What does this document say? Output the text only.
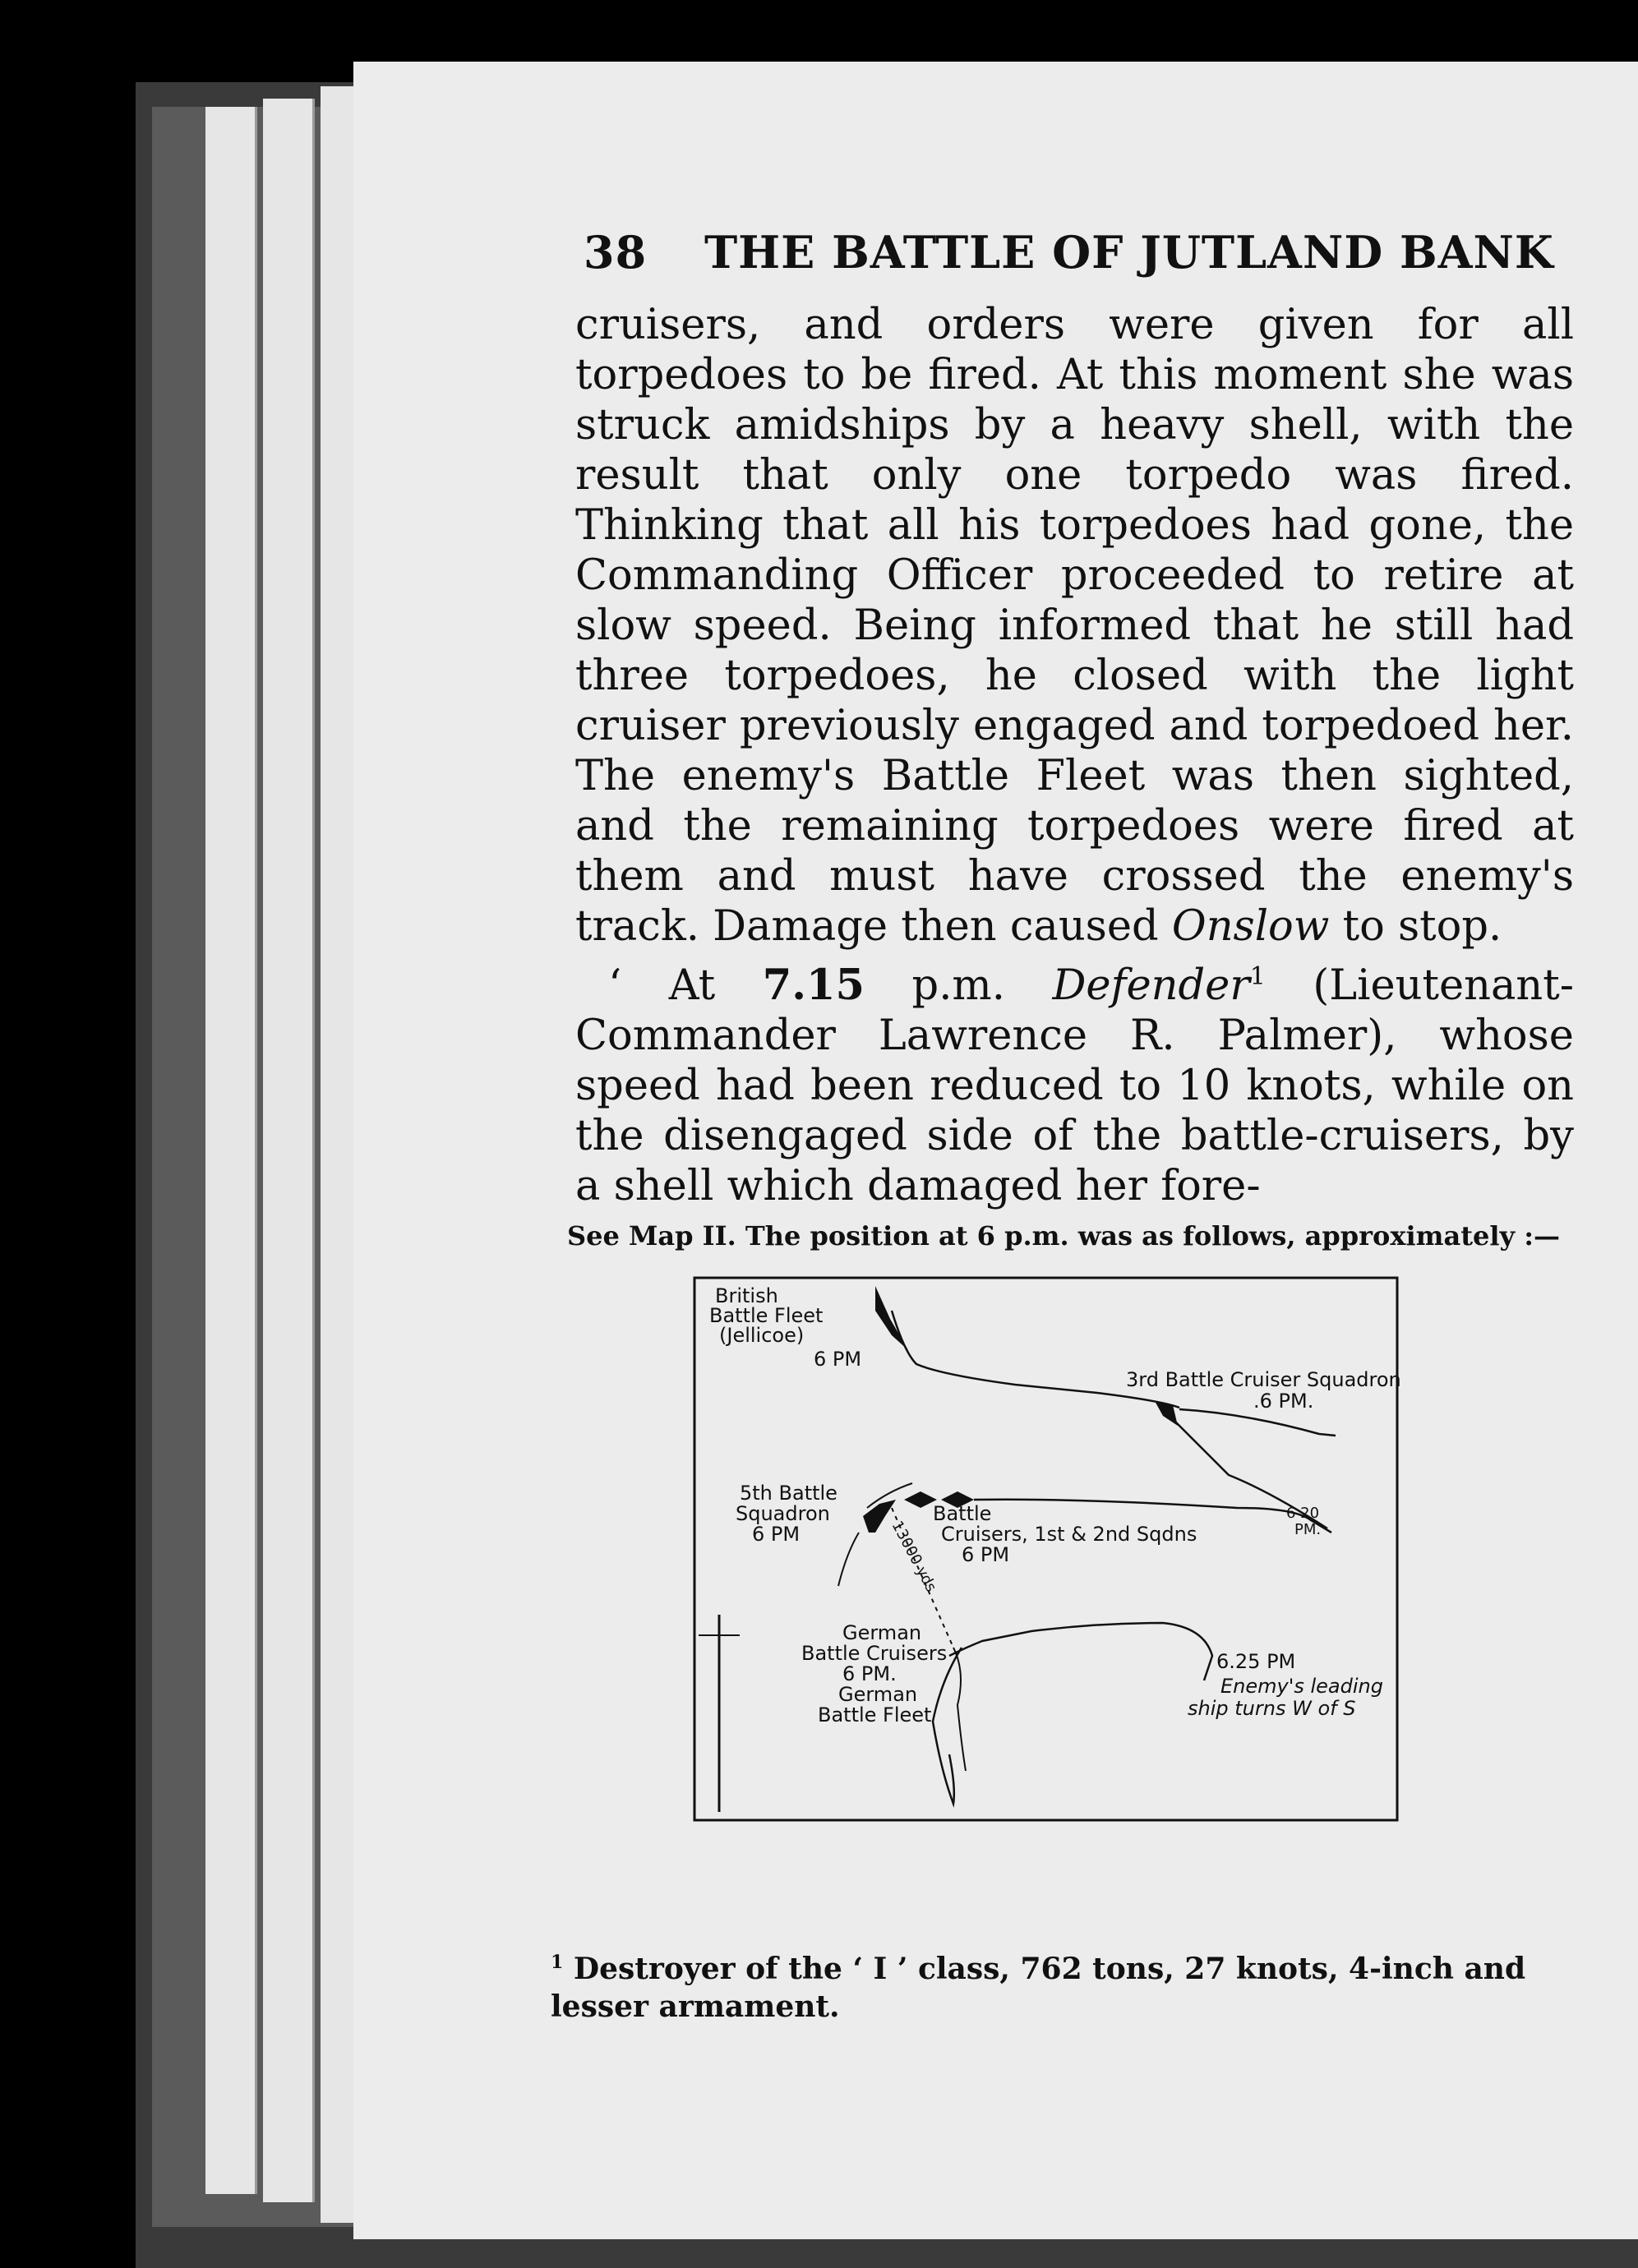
38 THE BATTLE OF JUTLAND BANK

cruisers, and orders were given for all torpedoes to be fired. At this moment she was struck amidships by a heavy shell, with the result that only one torpedo was fired. Thinking that all his torpedoes had gone, the Commanding Officer proceeded to retire at slow speed. Being informed that he still had three torpedoes, he closed with the light cruiser previously engaged and torpedoed her. The enemy's Battle Fleet was then sighted, and the remaining torpedoes were fired at them and must have crossed the enemy's track. Damage then caused Onslow to stop.

‘ At 7.15 p.m. Defender$^1$ (Lieutenant-Commander Lawrence R. Palmer), whose speed had been reduced to 10 knots, while on the disengaged side of the battle-cruisers, by a shell which damaged her fore-

See Map II. The position at 6 p.m. was as follows, approximately :—
British
Battle Fleet
(Jellicoe)
6 PM
3rd Battle Cruiser Squadron
.6 PM.
5th Battle
Squadron
6 PM
Battle
Cruisers, 1st & 2nd Sqdns
6 PM
6 20
PM.
13000 yds
German
Battle Cruisers
6 PM.
German
Battle Fleet
6.25 PM
Enemy's leading
ship turns W of S
$^1$ Destroyer of the ‘ I ’ class, 762 tons, 27 knots, 4-inch and lesser armament.
